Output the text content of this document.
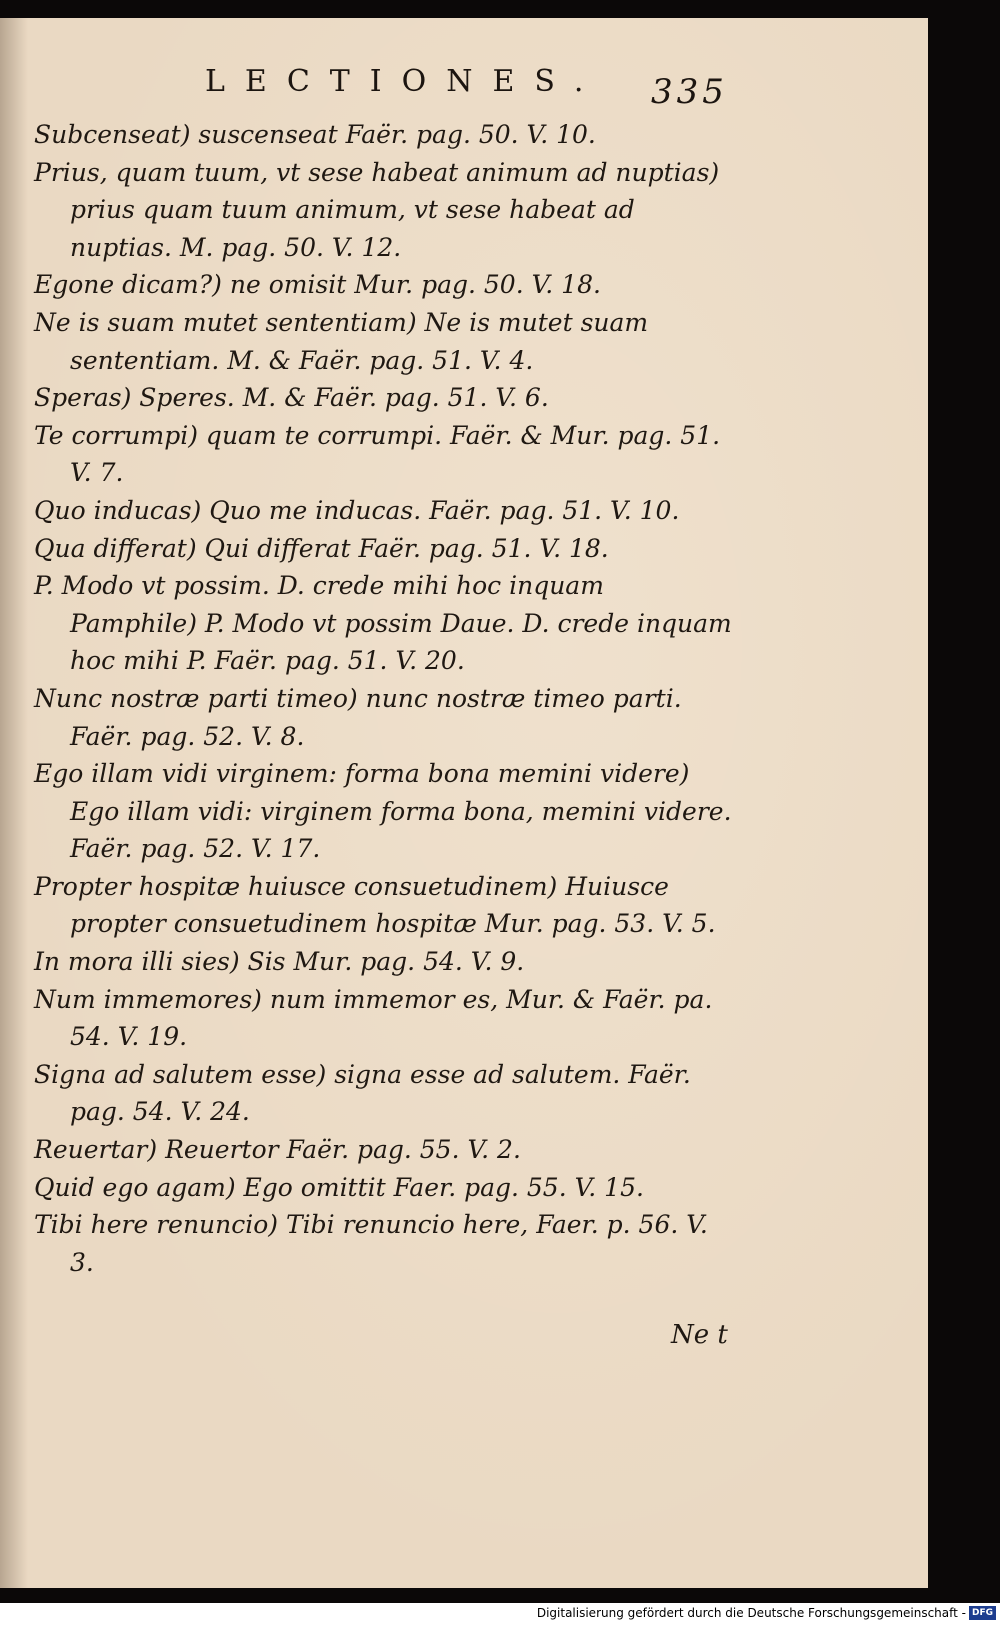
LECTIONES. 335
Subcenseat) suscenseat Faër. pag. 50. V. 10.
Prius, quam tuum, vt sese habeat animum ad nuptias) prius quam tuum animum, vt sese habeat ad nuptias. M. pag. 50. V. 12.
Egone dicam?) ne omisit Mur. pag. 50. V. 18.
Ne is suam mutet sententiam) Ne is mutet suam sententiam. M. & Faër. pag. 51. V. 4.
Speras) Speres. M. & Faër. pag. 51. V. 6.
Te corrumpi) quam te corrumpi. Faër. & Mur. pag. 51. V. 7.
Quo inducas) Quo me inducas. Faër. pag. 51. V. 10.
Qua differat) Qui differat Faër. pag. 51. V. 18.
P. Modo vt possim. D. crede mihi hoc inquam Pamphile) P. Modo vt possim Daue. D. crede inquam hoc mihi P. Faër. pag. 51. V. 20.
Nunc nostræ parti timeo) nunc nostræ timeo parti. Faër. pag. 52. V. 8.
Ego illam vidi virginem: forma bona memini videre) Ego illam vidi: virginem forma bona, memini videre. Faër. pag. 52. V. 17.
Propter hospitæ huiusce consuetudinem) Huiusce propter consuetudinem hospitæ Mur. pag. 53. V. 5.
In mora illi sies) Sis Mur. pag. 54. V. 9.
Num immemores) num immemor es, Mur. & Faër. pa. 54. V. 19.
Signa ad salutem esse) signa esse ad salutem. Faër. pag. 54. V. 24.
Reuertar) Reuertor Faër. pag. 55. V. 2.
Quid ego agam) Ego omittit Faer. pag. 55. V. 15.
Tibi here renuncio) Tibi renuncio here, Faer. p. 56. V. 3.
Ne t
Digitalisierung gefördert durch die Deutsche Forschungsgemeinschaft - DFG
